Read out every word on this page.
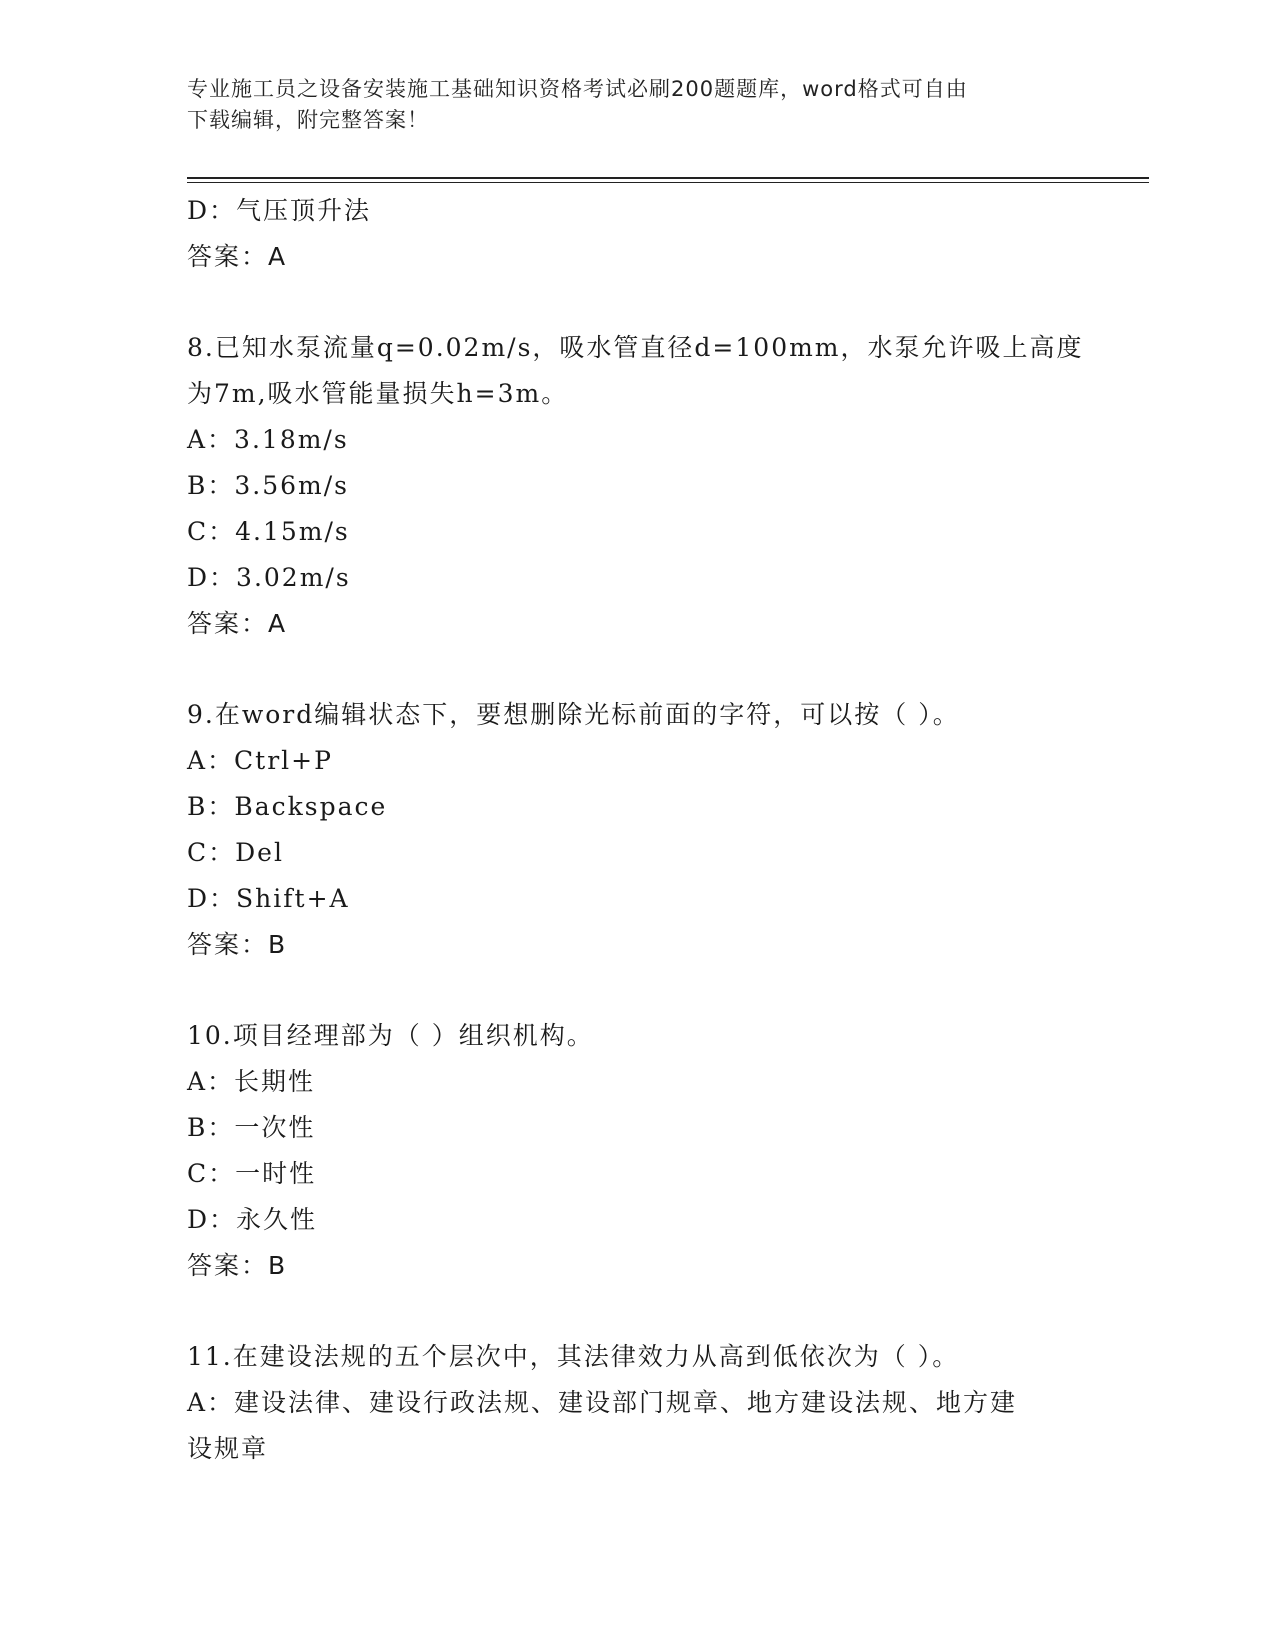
专业施工员之设备安装施工基础知识资格考试必刷200题题库，word格式可自由
下载编辑，附完整答案！
D：气压顶升法
答案：A
8.已知水泵流量q=0.02m/s，吸水管直径d=100mm，水泵允许吸上高度
为7m,吸水管能量损失h=3m。
A：3.18m/s
B：3.56m/s
C：4.15m/s
D：3.02m/s
答案：A
9.在word编辑状态下，要想删除光标前面的字符，可以按（ ）。
A：Ctrl+P
B：Backspace
C：Del
D：Shift+A
答案：B
10.项目经理部为（ ）组织机构。
A：长期性
B：一次性
C：一时性
D：永久性
答案：B
11.在建设法规的五个层次中，其法律效力从高到低依次为（ ）。
A：建设法律、建设行政法规、建设部门规章、地方建设法规、地方建
设规章
